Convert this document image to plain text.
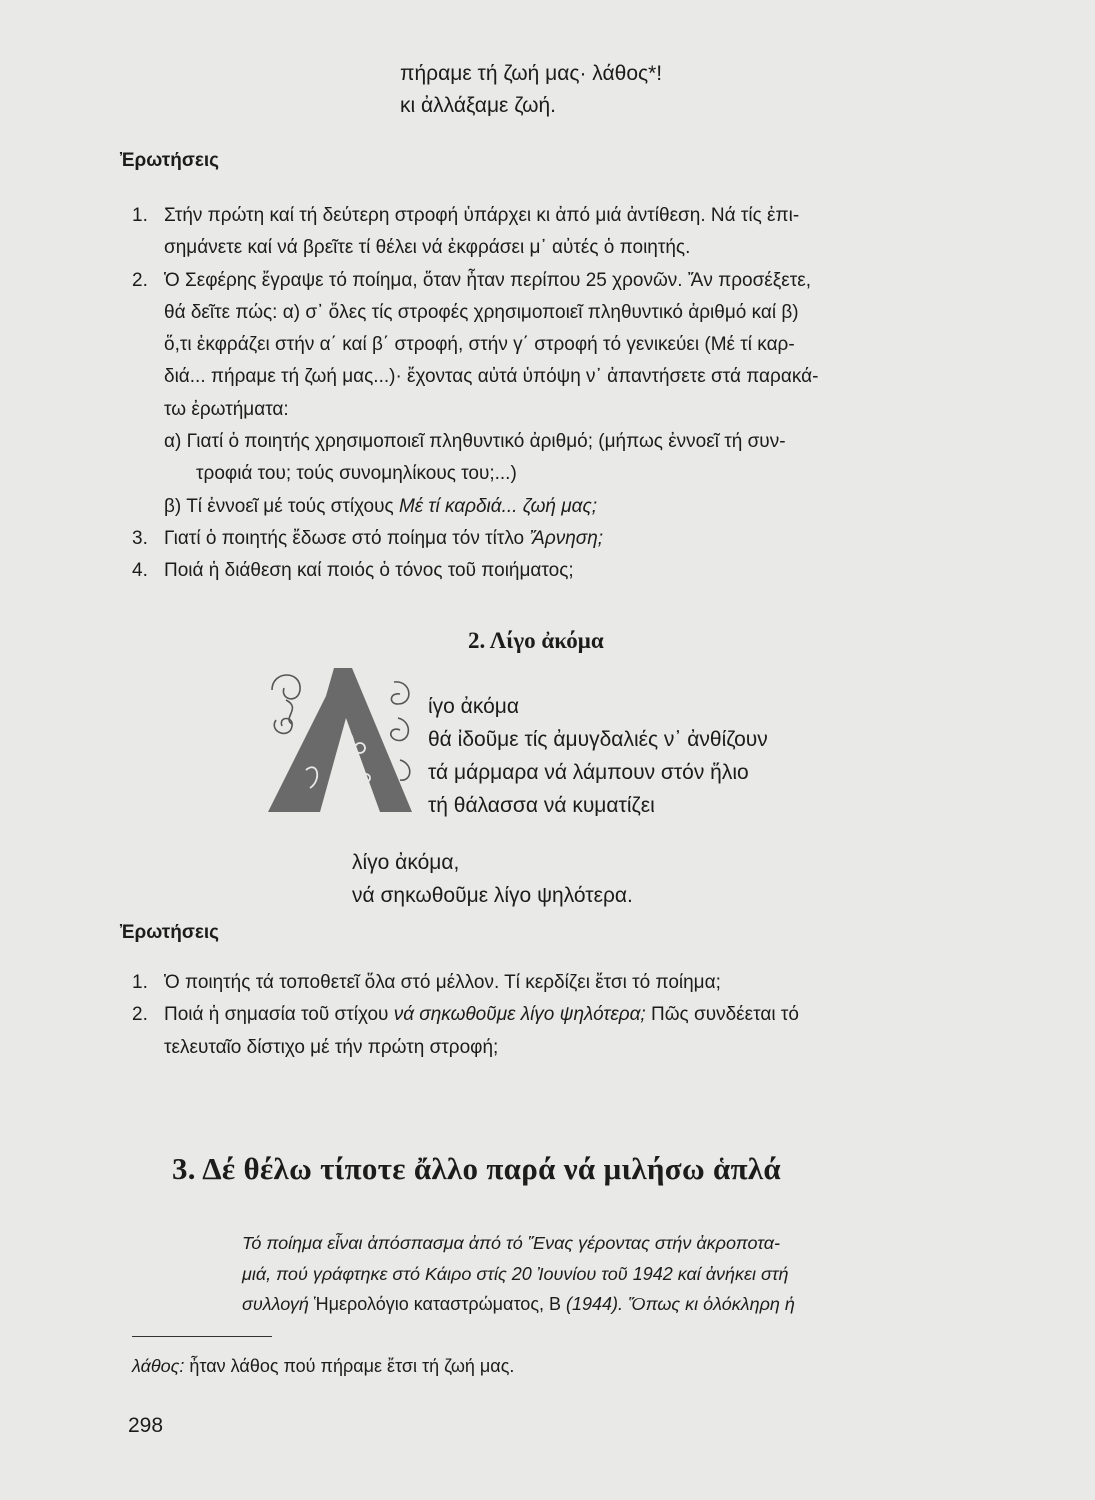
πήραμε τή ζωή μας· λάθος*!
κι ἀλλάξαμε ζωή.
Ἐρωτήσεις
1. Στήν πρώτη καί τή δεύτερη στροφή ὑπάρχει κι ἀπό μιά ἀντίθεση. Νά τίς ἐπι-
σημάνετε καί νά βρεῖτε τί θέλει νά ἐκφράσει μ᾽ αὐτές ὁ ποιητής.
2. Ὁ Σεφέρης ἔγραψε τό ποίημα, ὅταν ἦταν περίπου 25 χρονῶν. Ἄν προσέξετε,
θά δεῖτε πώς: α) σ᾽ ὅλες τίς στροφές χρησιμοποιεῖ πληθυντικό ἀριθμό καί β)
ὅ,τι ἐκφράζει στήν α΄ καί β΄ στροφή, στήν γ΄ στροφή τό γενικεύει (Μέ τί καρ-
διά... πήραμε τή ζωή μας...)· ἔχοντας αὐτά ὑπόψη ν᾽ ἀπαντήσετε στά παρακά-
τω ἐρωτήματα:
α) Γιατί ὁ ποιητής χρησιμοποιεῖ πληθυντικό ἀριθμό; (μήπως ἐννοεῖ τή συν-
τροφιά του; τούς συνομηλίκους του;...)
β) Τί ἐννοεῖ μέ τούς στίχους Μέ τί καρδιά... ζωή μας;
3. Γιατί ὁ ποιητής ἔδωσε στό ποίημα τόν τίτλο Ἄρνηση;
4. Ποιά ἡ διάθεση καί ποιός ὁ τόνος τοῦ ποιήματος;
2. Λίγο ἀκόμα
Λ
ίγο ἀκόμα
θά ἰδοῦμε τίς ἀμυγδαλιές ν᾽ ἀνθίζουν
τά μάρμαρα νά λάμπουν στόν ἥλιο
τή θάλασσα νά κυματίζει
λίγο ἀκόμα,
νά σηκωθοῦμε λίγο ψηλότερα.
Ἐρωτήσεις
1. Ὁ ποιητής τά τοποθετεῖ ὅλα στό μέλλον. Τί κερδίζει ἔτσι τό ποίημα;
2. Ποιά ἡ σημασία τοῦ στίχου νά σηκωθοῦμε λίγο ψηλότερα; Πῶς συνδέεται τό
τελευταῖο δίστιχο μέ τήν πρώτη στροφή;
3. Δέ θέλω τίποτε ἄλλο παρά νά μιλήσω ἁπλά
Τό ποίημα εἶναι ἀπόσπασμα ἀπό τό Ἕνας γέροντας στήν ἀκροποτα-
μιά, πού γράφτηκε στό Κάιρο στίς 20 Ἰουνίου τοῦ 1942 καί ἀνήκει στή
συλλογή Ἡμερολόγιο καταστρώματος, Β (1944). Ὅπως κι ὁλόκληρη ἡ
λάθος: ἦταν λάθος πού πήραμε ἔτσι τή ζωή μας.
298
